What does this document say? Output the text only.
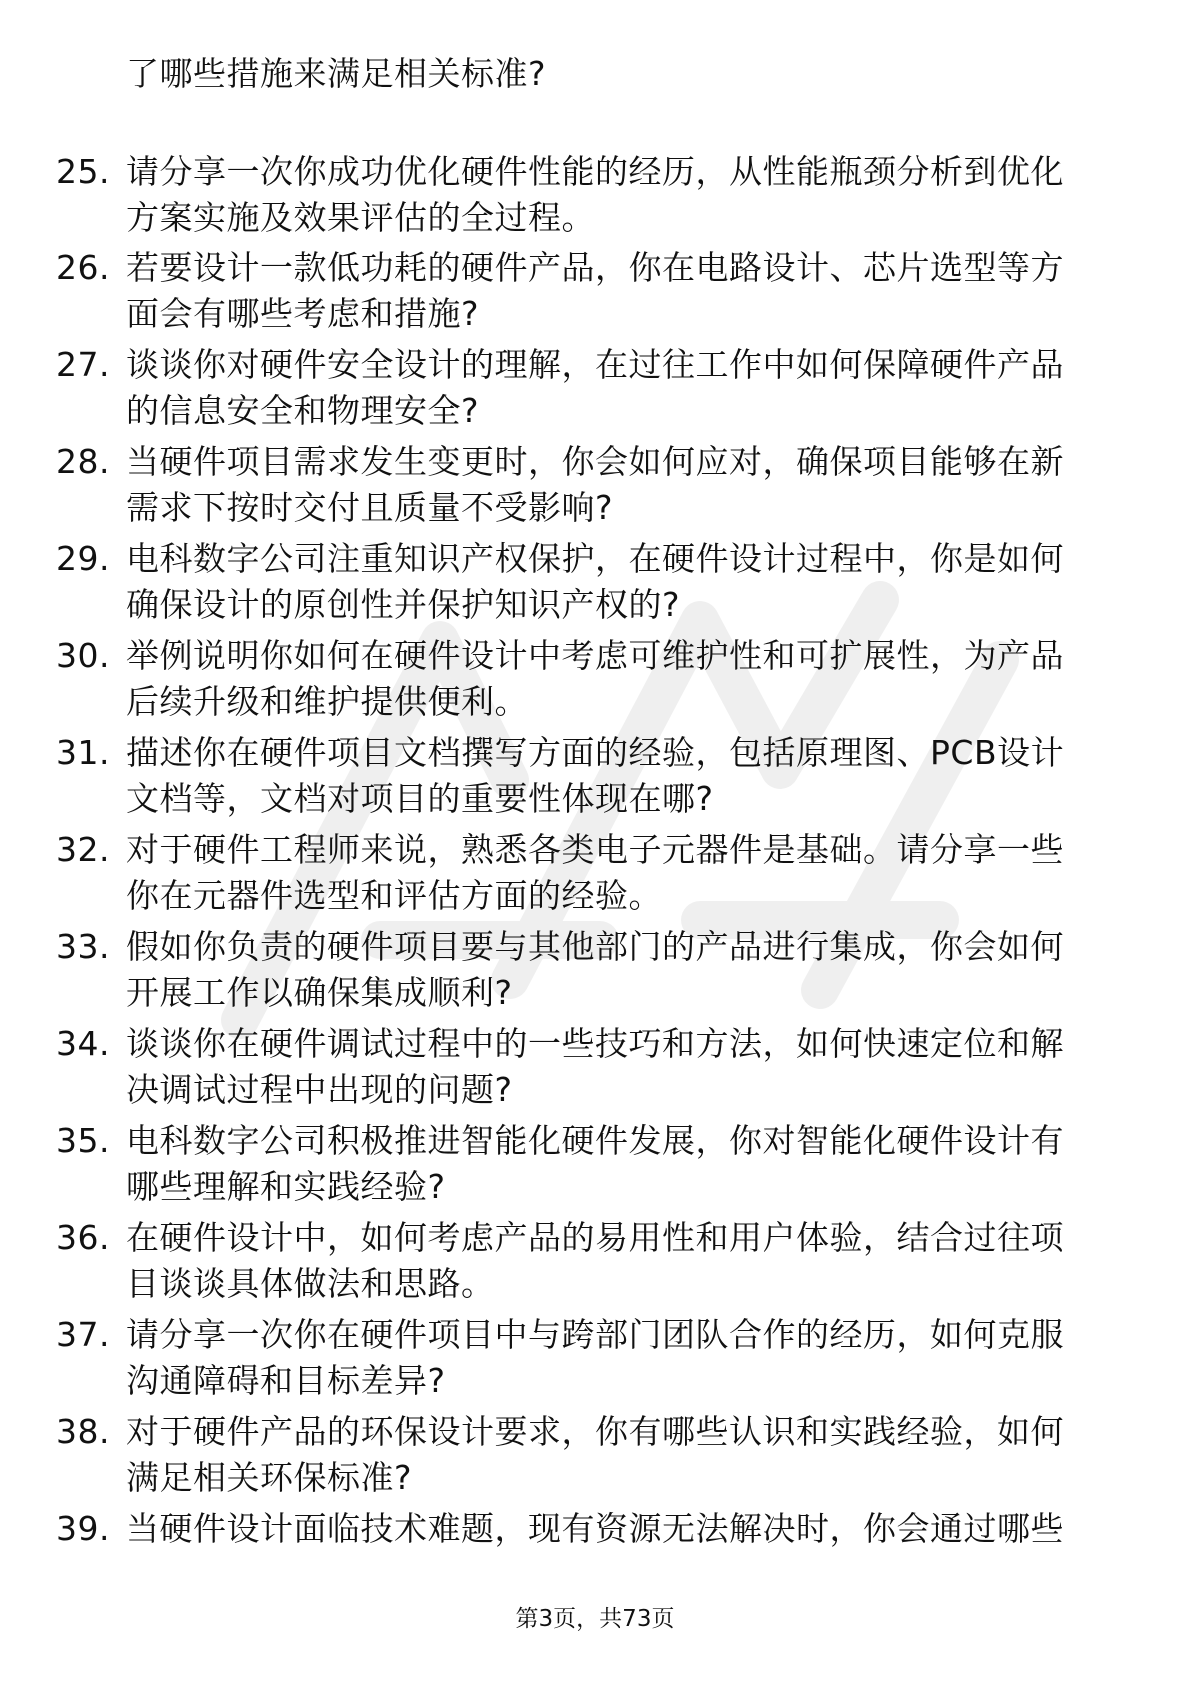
了哪些措施来满足相关标准?
25. 请分享一次你成功优化硬件性能的经历，从性能瓶颈分析到优化
方案实施及效果评估的全过程。
26. 若要设计一款低功耗的硬件产品，你在电路设计、芯片选型等方
面会有哪些考虑和措施?
27. 谈谈你对硬件安全设计的理解，在过往工作中如何保障硬件产品
的信息安全和物理安全?
28. 当硬件项目需求发生变更时，你会如何应对，确保项目能够在新
需求下按时交付且质量不受影响?
29. 电科数字公司注重知识产权保护，在硬件设计过程中，你是如何
确保设计的原创性并保护知识产权的?
30. 举例说明你如何在硬件设计中考虑可维护性和可扩展性，为产品
后续升级和维护提供便利。
31. 描述你在硬件项目文档撰写方面的经验，包括原理图、PCB设计
文档等，文档对项目的重要性体现在哪?
32. 对于硬件工程师来说，熟悉各类电子元器件是基础。请分享一些
你在元器件选型和评估方面的经验。
33. 假如你负责的硬件项目要与其他部门的产品进行集成，你会如何
开展工作以确保集成顺利?
34. 谈谈你在硬件调试过程中的一些技巧和方法，如何快速定位和解
决调试过程中出现的问题?
35. 电科数字公司积极推进智能化硬件发展，你对智能化硬件设计有
哪些理解和实践经验?
36. 在硬件设计中，如何考虑产品的易用性和用户体验，结合过往项
目谈谈具体做法和思路。
37. 请分享一次你在硬件项目中与跨部门团队合作的经历，如何克服
沟通障碍和目标差异?
38. 对于硬件产品的环保设计要求，你有哪些认识和实践经验，如何
满足相关环保标准?
39. 当硬件设计面临技术难题，现有资源无法解决时，你会通过哪些
第3页，共73页
